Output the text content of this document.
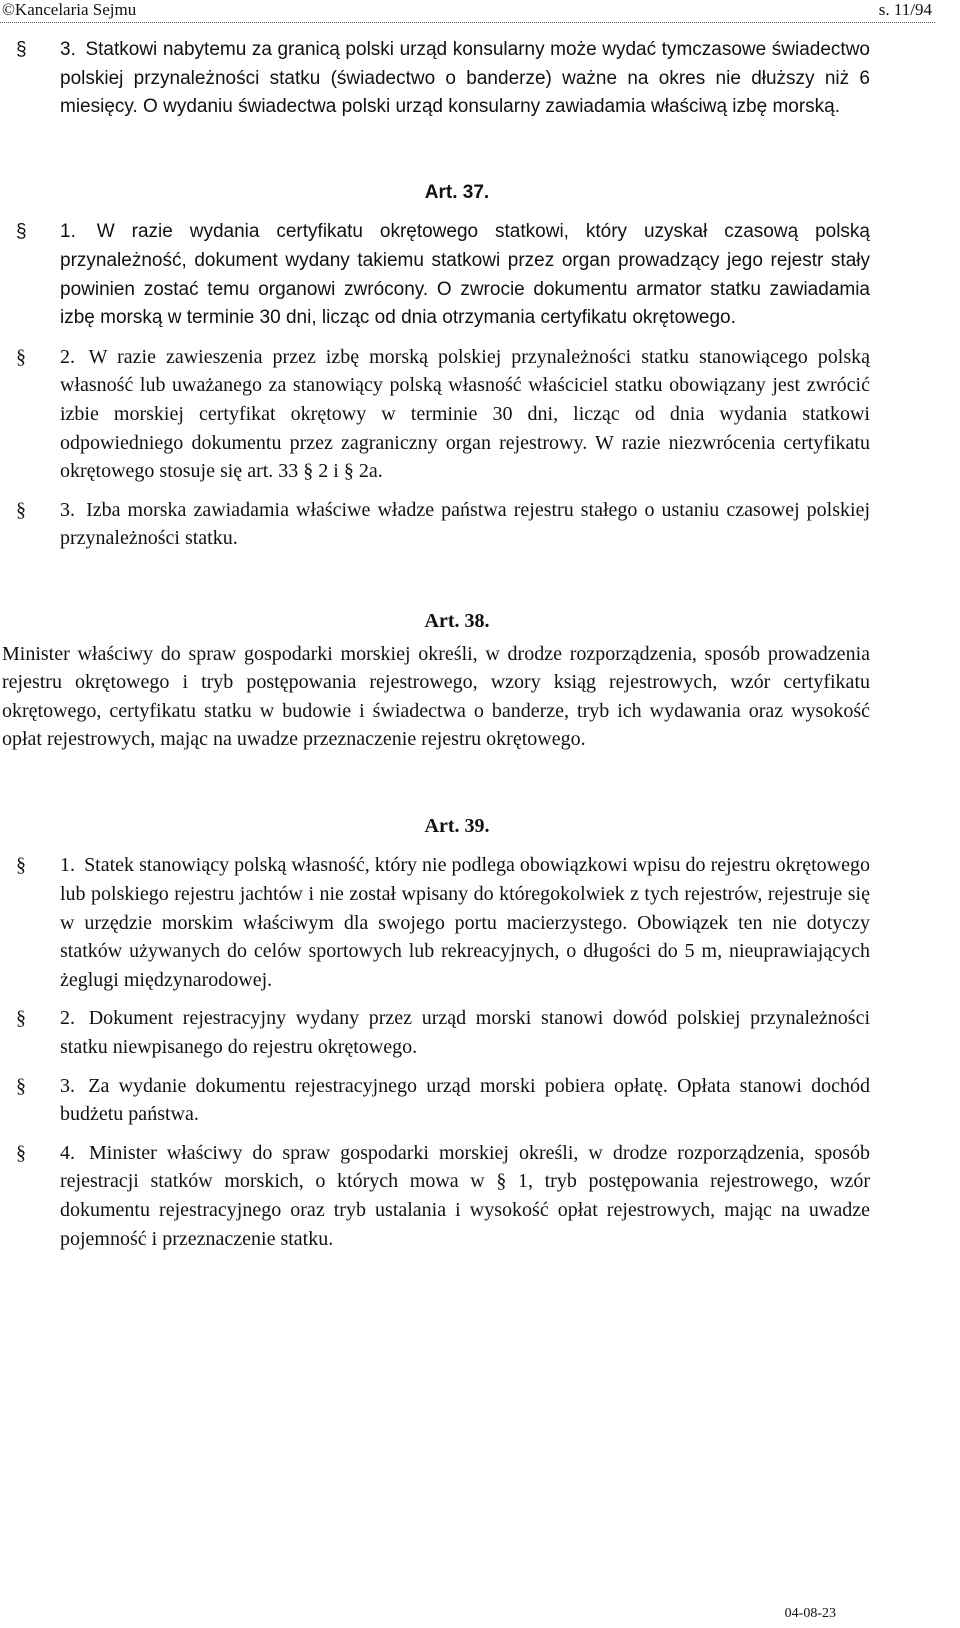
©Kancelaria Sejmu	s. 11/94

§ 3. Statkowi nabytemu za granicą polski urząd konsularny może wydać tymczasowe świadectwo polskiej przynależności statku (świadectwo o banderze) ważne na okres nie dłuższy niż 6 miesięcy. O wydaniu świadectwa polski urząd konsularny zawiadamia właściwą izbę morską.

Art. 37.

§ 1. W razie wydania certyfikatu okrętowego statkowi, który uzyskał czasową polską przynależność, dokument wydany takiemu statkowi przez organ prowadzący jego rejestr stały powinien zostać temu organowi zwrócony. O zwrocie dokumentu armator statku zawiadamia izbę morską w terminie 30 dni, licząc od dnia otrzymania certyfikatu okrętowego.

§ 2. W razie zawieszenia przez izbę morską polskiej przynależności statku stanowiącego polską własność lub uważanego za stanowiący polską własność właściciel statku obowiązany jest zwrócić izbie morskiej certyfikat okrętowy w terminie 30 dni, licząc od dnia wydania statkowi odpowiedniego dokumentu przez zagraniczny organ rejestrowy. W razie niezwrócenia certyfikatu okrętowego stosuje się art. 33 § 2 i § 2a.

§ 3. Izba morska zawiadamia właściwe władze państwa rejestru stałego o ustaniu czasowej polskiej przynależności statku.

Art. 38.

Minister właściwy do spraw gospodarki morskiej określi, w drodze rozporządzenia, sposób prowadzenia rejestru okrętowego i tryb postępowania rejestrowego, wzory ksiąg rejestrowych, wzór certyfikatu okrętowego, certyfikatu statku w budowie i świadectwa o banderze, tryb ich wydawania oraz wysokość opłat rejestrowych, mając na uwadze przeznaczenie rejestru okrętowego.

Art. 39.

§ 1. Statek stanowiący polską własność, który nie podlega obowiązkowi wpisu do rejestru okrętowego lub polskiego rejestru jachtów i nie został wpisany do któregokolwiek z tych rejestrów, rejestruje się w urzędzie morskim właściwym dla swojego portu macierzystego. Obowiązek ten nie dotyczy statków używanych do celów sportowych lub rekreacyjnych, o długości do 5 m, nieuprawiających żeglugi międzynarodowej.

§ 2. Dokument rejestracyjny wydany przez urząd morski stanowi dowód polskiej przynależności statku niewpisanego do rejestru okrętowego.

§ 3. Za wydanie dokumentu rejestracyjnego urząd morski pobiera opłatę. Opłata stanowi dochód budżetu państwa.

§ 4. Minister właściwy do spraw gospodarki morskiej określi, w drodze rozporządzenia, sposób rejestracji statków morskich, o których mowa w § 1, tryb postępowania rejestrowego, wzór dokumentu rejestracyjnego oraz tryb ustalania i wysokość opłat rejestrowych, mając na uwadze pojemność i przeznaczenie statku.

04-08-23
